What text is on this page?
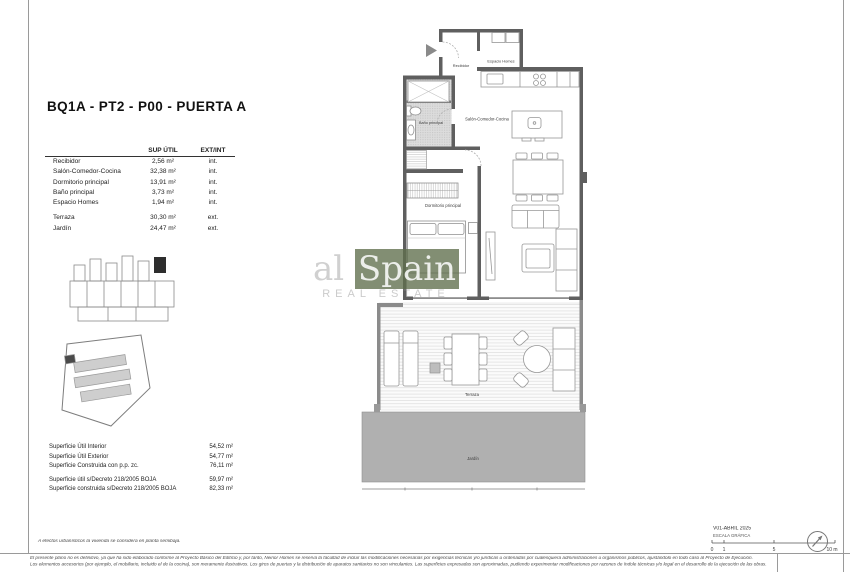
BQ1A - PT2 - P00 - PUERTA A
SUP ÚTIL	EXT/INT
Recibidor	2,56 m²	int.
Salón-Comedor-Cocina	32,38 m²	int.
Dormitorio principal	13,91 m²	int.
Baño principal	3,73 m²	int.
Espacio Homes	1,94 m²	int.
Terraza	30,30 m²	ext.
Jardín	24,47 m²	ext.
Superficie Útil Interior	54,52 m²
Superficie Útil Exterior	54,77 m²
Superficie Construida con p.p. zc.	76,11 m²
Superficie útil s/Decreto 218/2005 BOJA	59,97 m²
Superficie construida s/Decreto 218/2005 BOJA	82,33 m²
Recibidor
Espacio Homes
Salón-Comedor-Cocina
Baño principal
Dormitorio principal
Terraza
Jardín
al Spain
REAL ESTATE
V01-ABRIL 2025
ESCALA GRÁFICA
0 1	5	10 m
A efectos urbanísticos la vivienda se considera en planta semibaja.
El presente plano no es definitivo, ya que ha sido elaborado conforme al Proyecto Básico del Edificio y, por tanto, Neinor Homes se reserva la facultad de incluir las modificaciones necesarias por exigencias técnicas y/o jurídicas u ordenadas por cualesquiera administraciones u organismos públicos, ajustándolo en todo caso al Proyecto de Ejecución.
Los elementos accesorios (por ejemplo, el mobiliario, incluido el de la cocina), son meramente ilustrativos. Los giros de puertas y la distribución de aparatos sanitarios no son vinculantes. Las superficies expresadas son aproximadas, pudiendo experimentar modificaciones por razones de índole técnicas y/o legal en el desarrollo de la ejecución de las obras.
